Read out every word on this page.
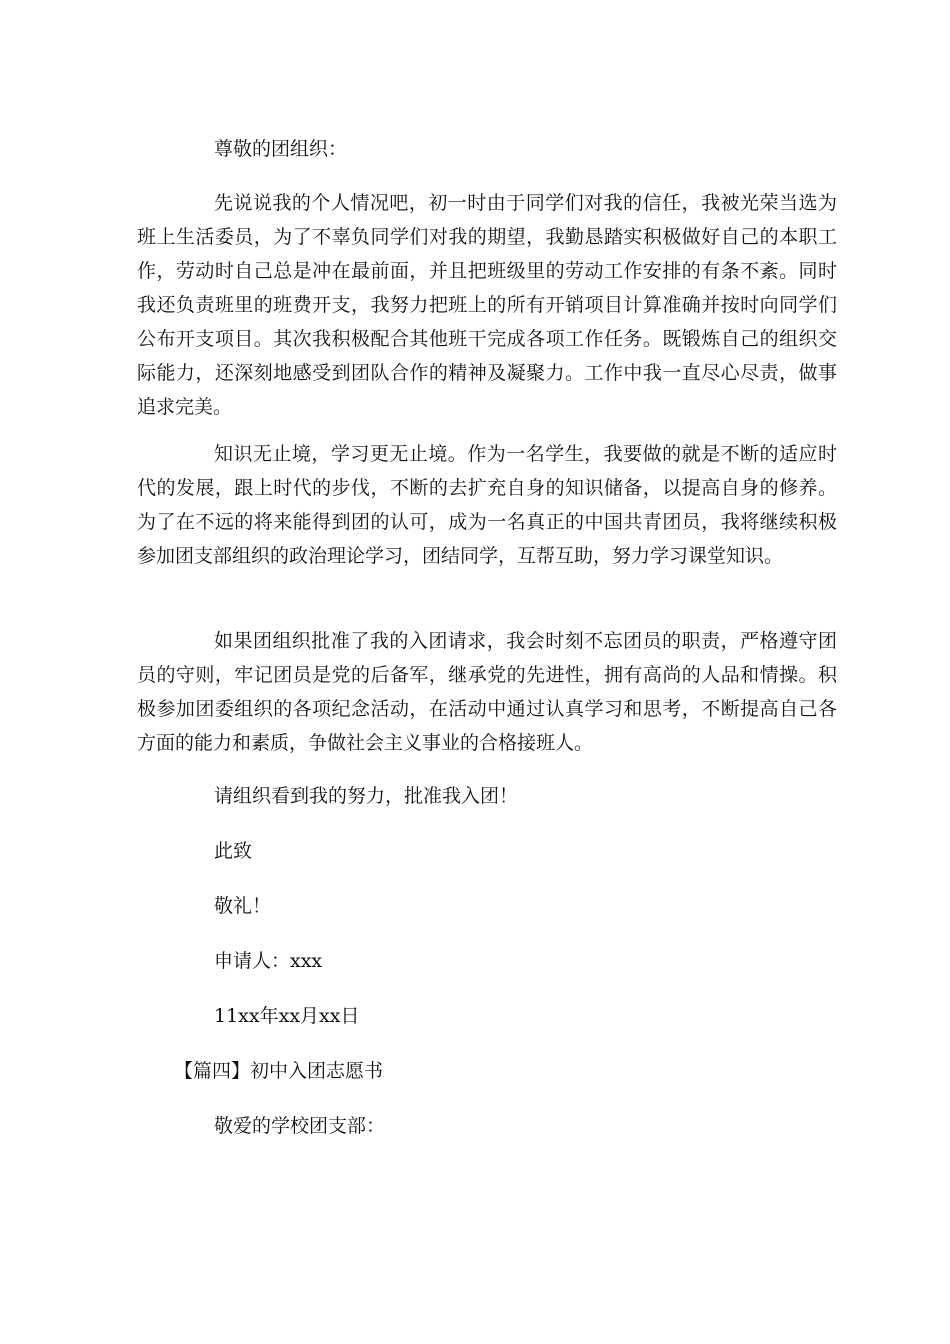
尊敬的团组织：

先说说我的个人情况吧，初一时由于同学们对我的信任，我被光荣当选为班上生活委员，为了不辜负同学们对我的期望，我勤恳踏实积极做好自己的本职工作，劳动时自己总是冲在最前面，并且把班级里的劳动工作安排的有条不紊。同时我还负责班里的班费开支，我努力把班上的所有开销项目计算准确并按时向同学们公布开支项目。其次我积极配合其他班干完成各项工作任务。既锻炼自己的组织交际能力，还深刻地感受到团队合作的精神及凝聚力。工作中我一直尽心尽责，做事追求完美。

知识无止境，学习更无止境。作为一名学生，我要做的就是不断的适应时代的发展，跟上时代的步伐，不断的去扩充自身的知识储备，以提高自身的修养。为了在不远的将来能得到团的认可，成为一名真正的中国共青团员，我将继续积极参加团支部组织的政治理论学习，团结同学，互帮互助，努力学习课堂知识。

如果团组织批准了我的入团请求，我会时刻不忘团员的职责，严格遵守团员的守则，牢记团员是党的后备军，继承党的先进性，拥有高尚的人品和情操。积极参加团委组织的各项纪念活动，在活动中通过认真学习和思考，不断提高自己各方面的能力和素质，争做社会主义事业的合格接班人。

请组织看到我的努力，批准我入团！
此致
敬礼！
申请人：xxx
11xx年xx月xx日
【篇四】初中入团志愿书
敬爱的学校团支部：
